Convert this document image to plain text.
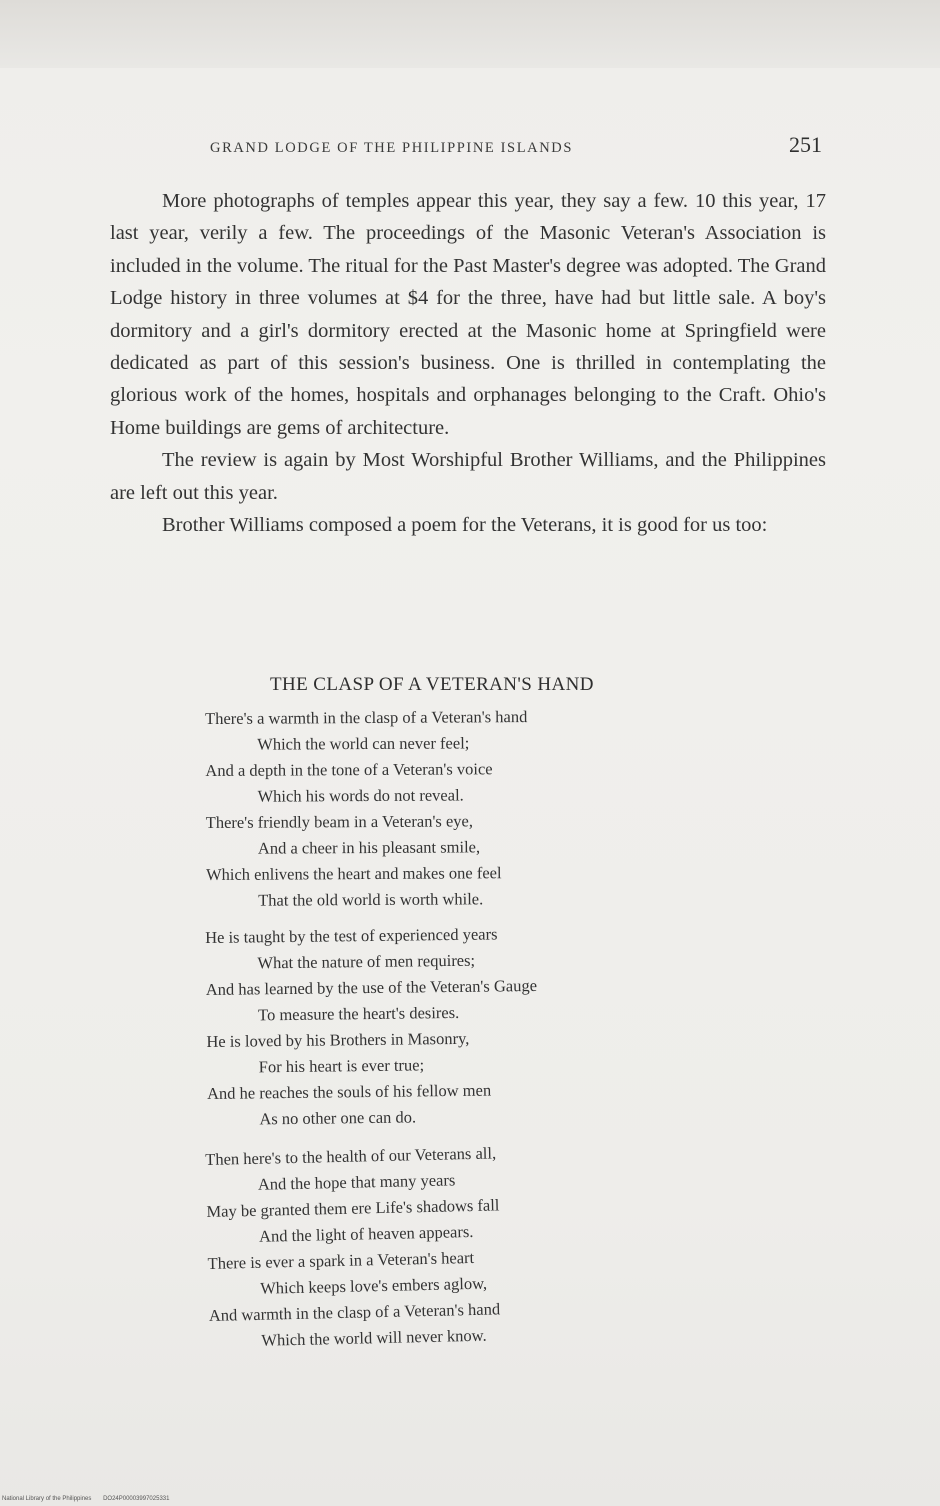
GRAND LODGE OF THE PHILIPPINE ISLANDS	251

More photographs of temples appear this year, they say a few. 10 this year, 17 last year, verily a few. The proceedings of the Masonic Veteran's Association is included in the volume. The ritual for the Past Master's degree was adopted. The Grand Lodge history in three volumes at $4 for the three, have had but little sale. A boy's dormitory and a girl's dormitory erected at the Masonic home at Springfield were dedicated as part of this session's business. One is thrilled in contemplating the glorious work of the homes, hospitals and orphanages belonging to the Craft. Ohio's Home buildings are gems of architecture.

The review is again by Most Worshipful Brother Williams, and the Philippines are left out this year.

Brother Williams composed a poem for the Veterans, it is good for us too:

THE CLASP OF A VETERAN'S HAND
There's a warmth in the clasp of a Veteran's hand
Which the world can never feel;
And a depth in the tone of a Veteran's voice
Which his words do not reveal.
There's friendly beam in a Veteran's eye,
And a cheer in his pleasant smile,
Which enlivens the heart and makes one feel
That the old world is worth while.
He is taught by the test of experienced years
What the nature of men requires;
And has learned by the use of the Veteran's Gauge
To measure the heart's desires.
He is loved by his Brothers in Masonry,
For his heart is ever true;
And he reaches the souls of his fellow men
As no other one can do.
Then here's to the health of our Veterans all,
And the hope that many years
May be granted them ere Life's shadows fall
And the light of heaven appears.
There is ever a spark in a Veteran's heart
Which keeps love's embers aglow,
And warmth in the clasp of a Veteran's hand
Which the world will never know.
National Library of the Philippines DO24P00003997025331
